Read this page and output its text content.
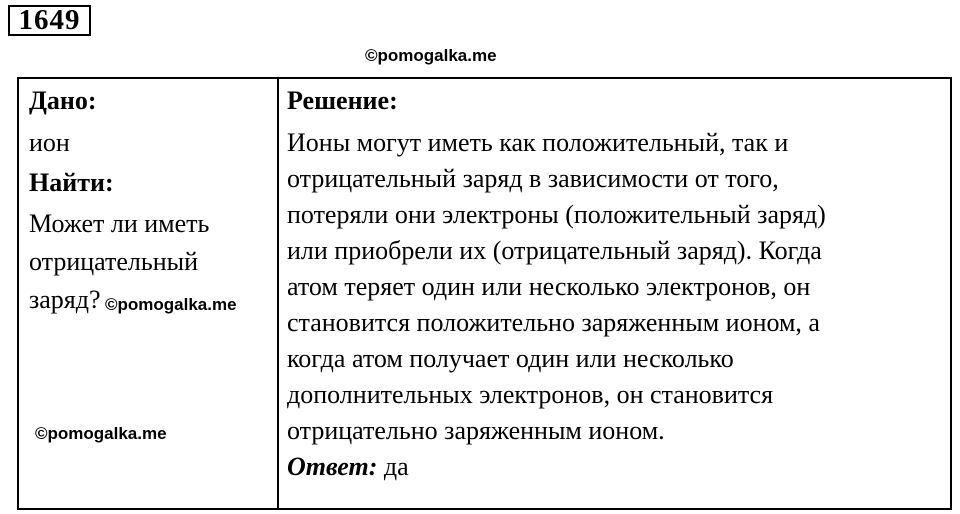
1649
©pomogalka.me
Дано:
ион
Найти:
Может ли иметь
отрицательный
заряд?
Решение:
Ионы могут иметь как положительный, так и
отрицательный заряд в зависимости от того,
потеряли они электроны (положительный заряд)
или приобрели их (отрицательный заряд). Когда
атом теряет один или несколько электронов, он
становится положительно заряженным ионом, а
когда атом получает один или несколько
дополнительных электронов, он становится
отрицательно заряженным ионом.
Ответ: да
©pomogalka.me
©pomogalka.me
